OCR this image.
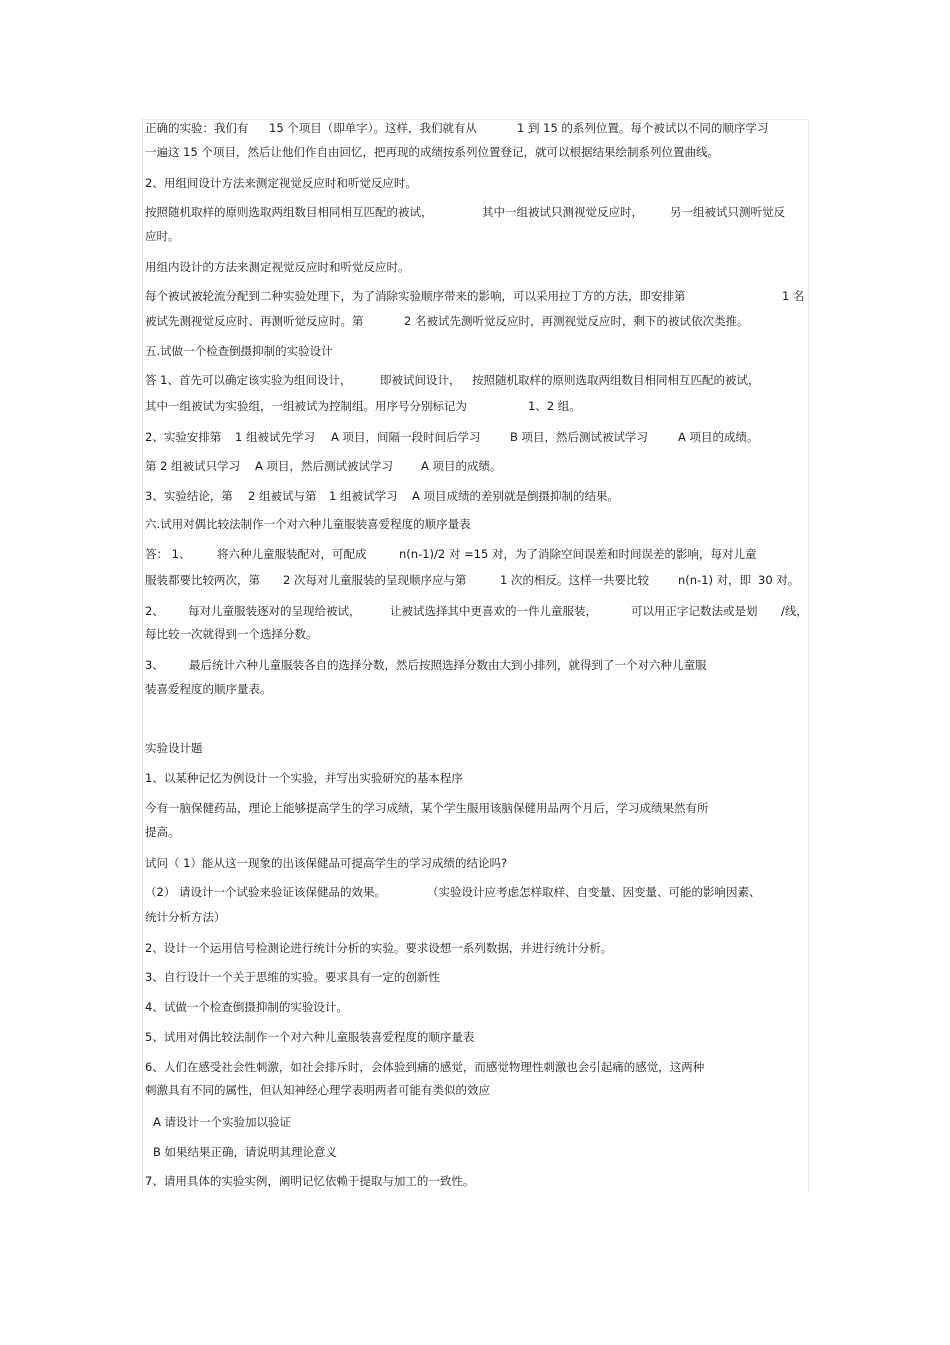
正确的实验：我们有 15 个项目（即单字）。这样，我们就有从	1 到 15 的系列位置。每个被试以不同的顺序学习
一遍这 15 个项目，然后让他们作自由回忆，把再现的成绩按系列位置登记，就可以根据结果绘制系列位置曲线。
2、用组间设计方法来测定视觉反应时和听觉反应时。
按照随机取样的原则选取两组数目相同相互匹配的被试，	其中一组被试只测视觉反应时， 另一组被试只测听觉反
应时。
用组内设计的方法来测定视觉反应时和听觉反应时。
每个被试被轮流分配到二种实验处理下，为了消除实验顺序带来的影响，可以采用拉丁方的方法，即安排第	1 名
被试先测视觉反应时、再测听觉反应时。第	2 名被试先测听觉反应时，再测视觉反应时，剩下的被试依次类推。
五.试做一个检查倒摄抑制的实验设计
答 1、首先可以确定该实验为组间设计， 即被试间设计， 按照随机取样的原则选取两组数目相同相互匹配的被试，
其中一组被试为实验组，一组被试为控制组。用序号分别标记为	1、2 组。
2、实验安排第 1 组被试先学习 A 项目，间隔一段时间后学习	B 项目，然后测试被试学习	A 项目的成绩。
第 2 组被试只学习 A 项目，然后测试被试学习 A 项目的成绩。
3、实验结论，第 2 组被试与第 1 组被试学习 A 项目成绩的差别就是倒摄抑制的结果。
六.试用对偶比较法制作一个对六种儿童服装喜爱程度的顺序量表
答： 1、 将六种儿童服装配对，可配成	n(n-1)/2 对 =15 对，为了消除空间误差和时间误差的影响，每对儿童
服装都要比较两次，第 2 次每对儿童服装的呈现顺序应与第	1 次的相反。这样一共要比较	n(n-1) 对，即 30 对。
2、 每对儿童服装逐对的呈现给被试，	让被试选择其中更喜欢的一件儿童服装，	可以用正字记数法或是划 /线，
每比较一次就得到一个选择分数。
3、 最后统计六种儿童服装各自的选择分数，然后按照选择分数由大到小排列，就得到了一个对六种儿童服
装喜爱程度的顺序量表。
实验设计题
1、以某种记忆为例设计一个实验，并写出实验研究的基本程序
今有一脑保健药品，理论上能够提高学生的学习成绩，某个学生服用该脑保健用品两个月后，学习成绩果然有所
提高。
试问（ 1）能从这一现象的出该保健品可提高学生的学习成绩的结论吗?
（2） 请设计一个试验来验证该保健品的效果。	（实验设计应考虑怎样取样、自变量、因变量、可能的影响因素、
统计分析方法）
2、设计一个运用信号检测论进行统计分析的实验。要求设想一系列数据，并进行统计分析。
3、自行设计一个关于思维的实验。要求具有一定的创新性
4、试做一个检查倒摄抑制的实验设计。
5、试用对偶比较法制作一个对六种儿童服装喜爱程度的顺序量表
6、人们在感受社会性刺激，如社会排斥时，会体验到痛的感觉，而感觉物理性刺激也会引起痛的感觉，这两种
刺激具有不同的属性，但认知神经心理学表明两者可能有类似的效应
A 请设计一个实验加以验证
B 如果结果正确，请说明其理论意义
7、请用具体的实验实例，阐明记忆依赖于提取与加工的一致性。
